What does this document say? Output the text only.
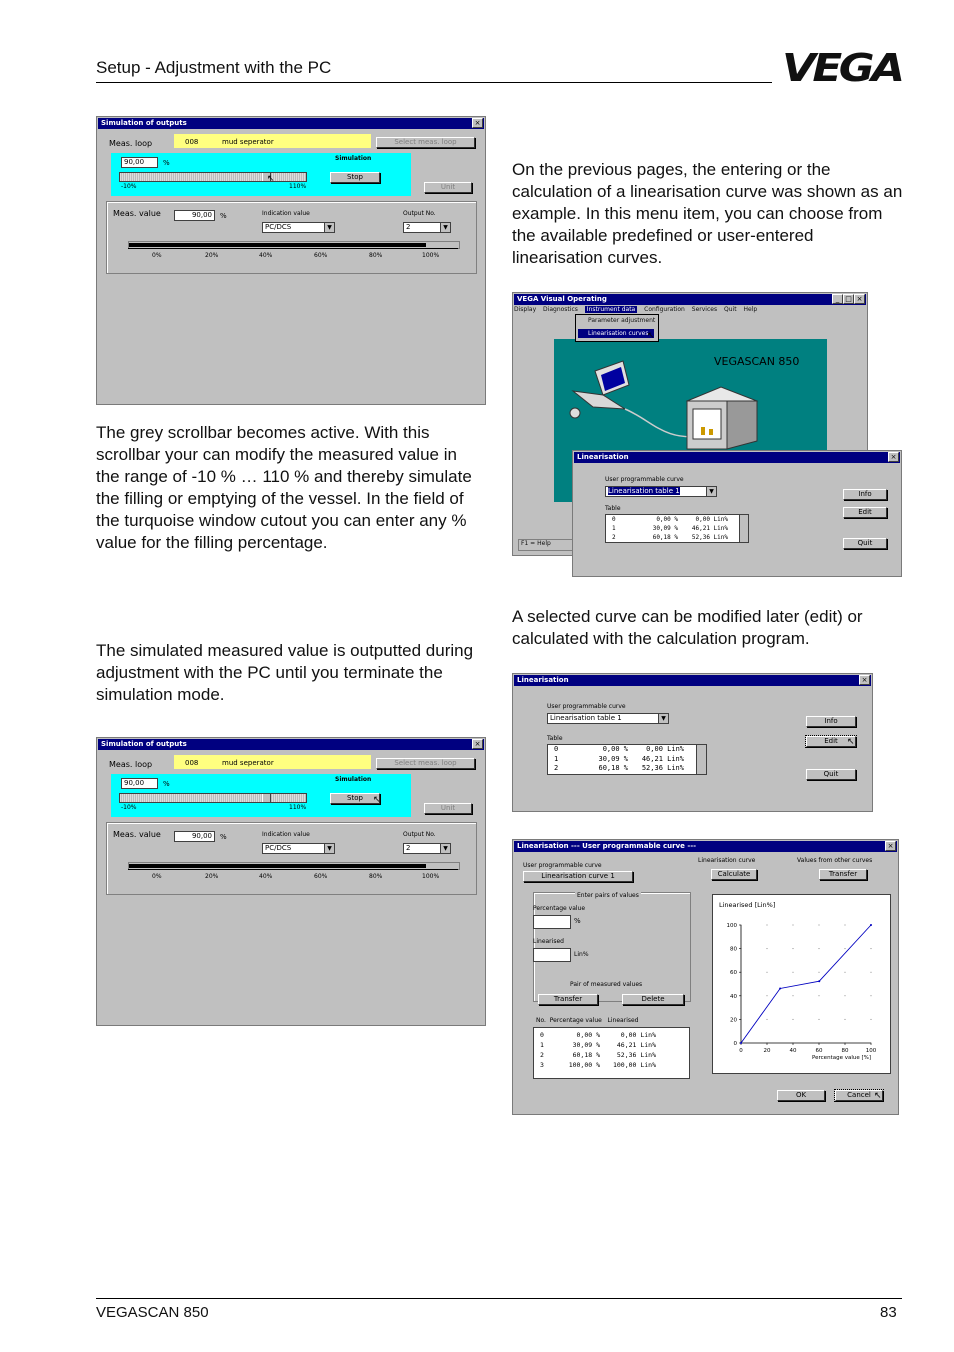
Setup - Adjustment with the PC	VEGA
Simulation of outputs	×
Meas. loop	008	mud seperator	Select meas. loop
90,00	%
Simulation
Stop
↖
-10%	110%	Unit
Meas. value	90,00	%	Indication value
PC/DCS	▼
Output No.
2	▼
0%	20%	40%	60%	80%	100%
The grey scrollbar becomes active. With this scrollbar your can modify the measured value in the range of -10 % … 110 % and thereby simulate the filling or emptying of the vessel. In the field of the turquoise window cutout you can enter any % value for the filling percentage.
The simulated measured value is outputted during adjustment with the PC until you terminate the simulation mode.
Simulation of outputs	×
Meas. loop	008	mud seperator	Select meas. loop
90,00	%
Simulation
Stop	↖
-10%	110%	Unit
Meas. value	90,00	%	Indication value
PC/DCS	▼
Output No.
2	▼
0%	20%	40%	60%	80%	100%
On the previous pages, the entering or the calculation of a linearisation curve was shown as an example. In this menu item, you can choose from the available predefined or user-entered linearisation curves.
A selected curve can be modified later (edit) or calculated with the calculation program.
VEGA Visual Operating	_ □ ×
Display Diagnostics Instrument data Configuration Services Quit Help
VEGASCAN 850
F1 = Help
Parameter adjustment
Linearisation curves
↖
Linearisation	×
User programmable curve
Linearisation table 1	▼
Table
0	0,00 %	0,00 Lin%
1	30,09 % 46,21 Lin%
2	60,18 % 52,36 Lin%
Info
Edit
Quit
Linearisation	×
User programmable curve
Linearisation table 1	▼
Table
0	0,00 %	0,00 Lin%
1	30,09 % 46,21 Lin%
2	60,18 % 52,36 Lin%
Info
Edit	↖
Quit
Linearisation --- User programmable curve ---	×
User programmable curve
Linearisation curve 1
Linearisation curve
Calculate
Values from other curves
Transfer
Enter pairs of values
Percentage value
%
Linearised
Lin%
Pair of measured values
Transfer	Delete
No.  Percentage value   Linearised
0	0,00 %	0,00 Lin%
1	30,09 %	46,21 Lin%
2	60,18 %	52,36 Lin%
3	100,00 % 100,00 Lin%
Linearised [Lin%]
0
20
40
60
80
100
0	20	40	60	80	100
Percentage value [%]
OK	Cancel ↖
VEGASCAN 850	83
